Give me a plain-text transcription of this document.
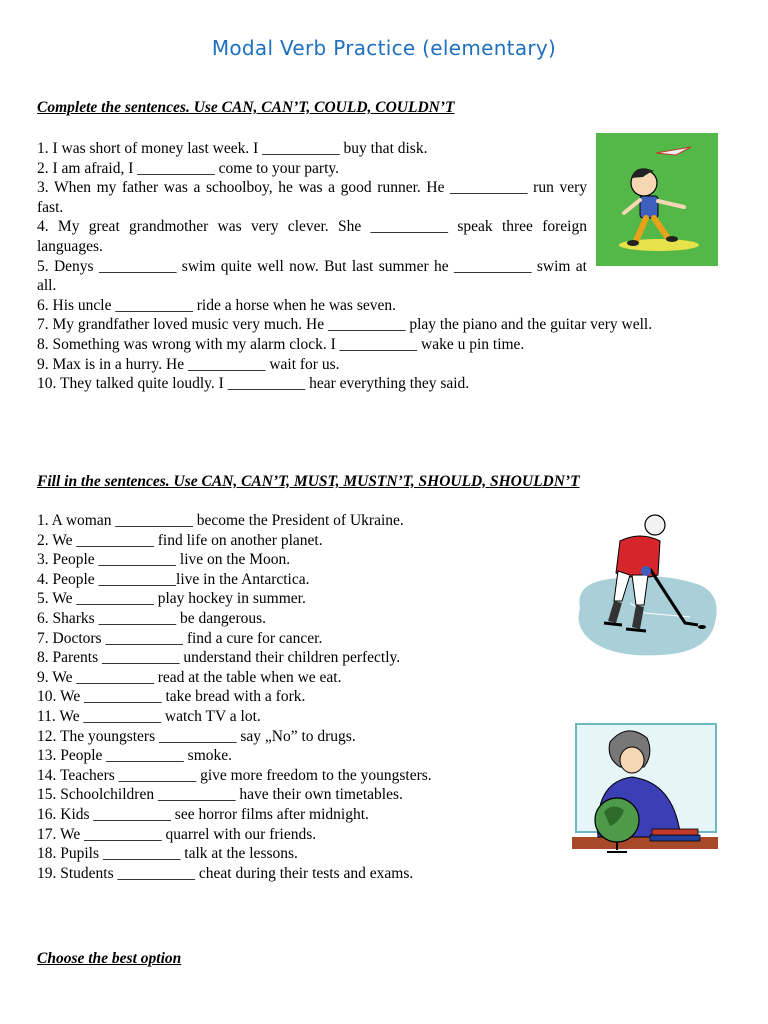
Modal Verb Practice (elementary)
Complete the sentences. Use CAN, CAN’T, COULD, COULDN’T
1. I was short of money last week. I __________ buy that disk.
2. I am afraid, I __________ come to your party.
3. When my father was a schoolboy, he was a good runner. He __________ run very fast.
4. My great grandmother was very clever. She __________ speak three foreign languages.
5. Denys __________ swim quite well now. But last summer he __________ swim at all.
6. His uncle __________ ride a horse when he was seven.
7. My grandfather loved music very much. He __________ play the piano and the guitar very well.
8. Something was wrong with my alarm clock. I __________ wake u pin time.
9. Max is in a hurry. He __________ wait for us.
10. They talked quite loudly. I __________ hear everything they said.
Fill in the sentences. Use CAN, CAN’T, MUST, MUSTN’T, SHOULD, SHOULDN’T
1. A woman __________ become the President of Ukraine.
2. We __________ find life on another planet.
3. People __________ live on the Moon.
4. People __________live in the Antarctica.
5. We __________ play hockey in summer.
6. Sharks __________ be dangerous.
7. Doctors __________ find a cure for cancer.
8. Parents __________ understand their children perfectly.
9. We __________ read at the table when we eat.
10. We __________ take bread with a fork.
11. We __________ watch TV a lot.
12. The youngsters __________ say „No” to drugs.
13. People __________ smoke.
14. Teachers __________ give more freedom to the youngsters.
15. Schoolchildren __________ have their own timetables.
16. Kids __________ see horror films after midnight.
17. We __________ quarrel with our friends.
18. Pupils __________ talk at the lessons.
19. Students __________ cheat during their tests and exams.
Choose the best option
